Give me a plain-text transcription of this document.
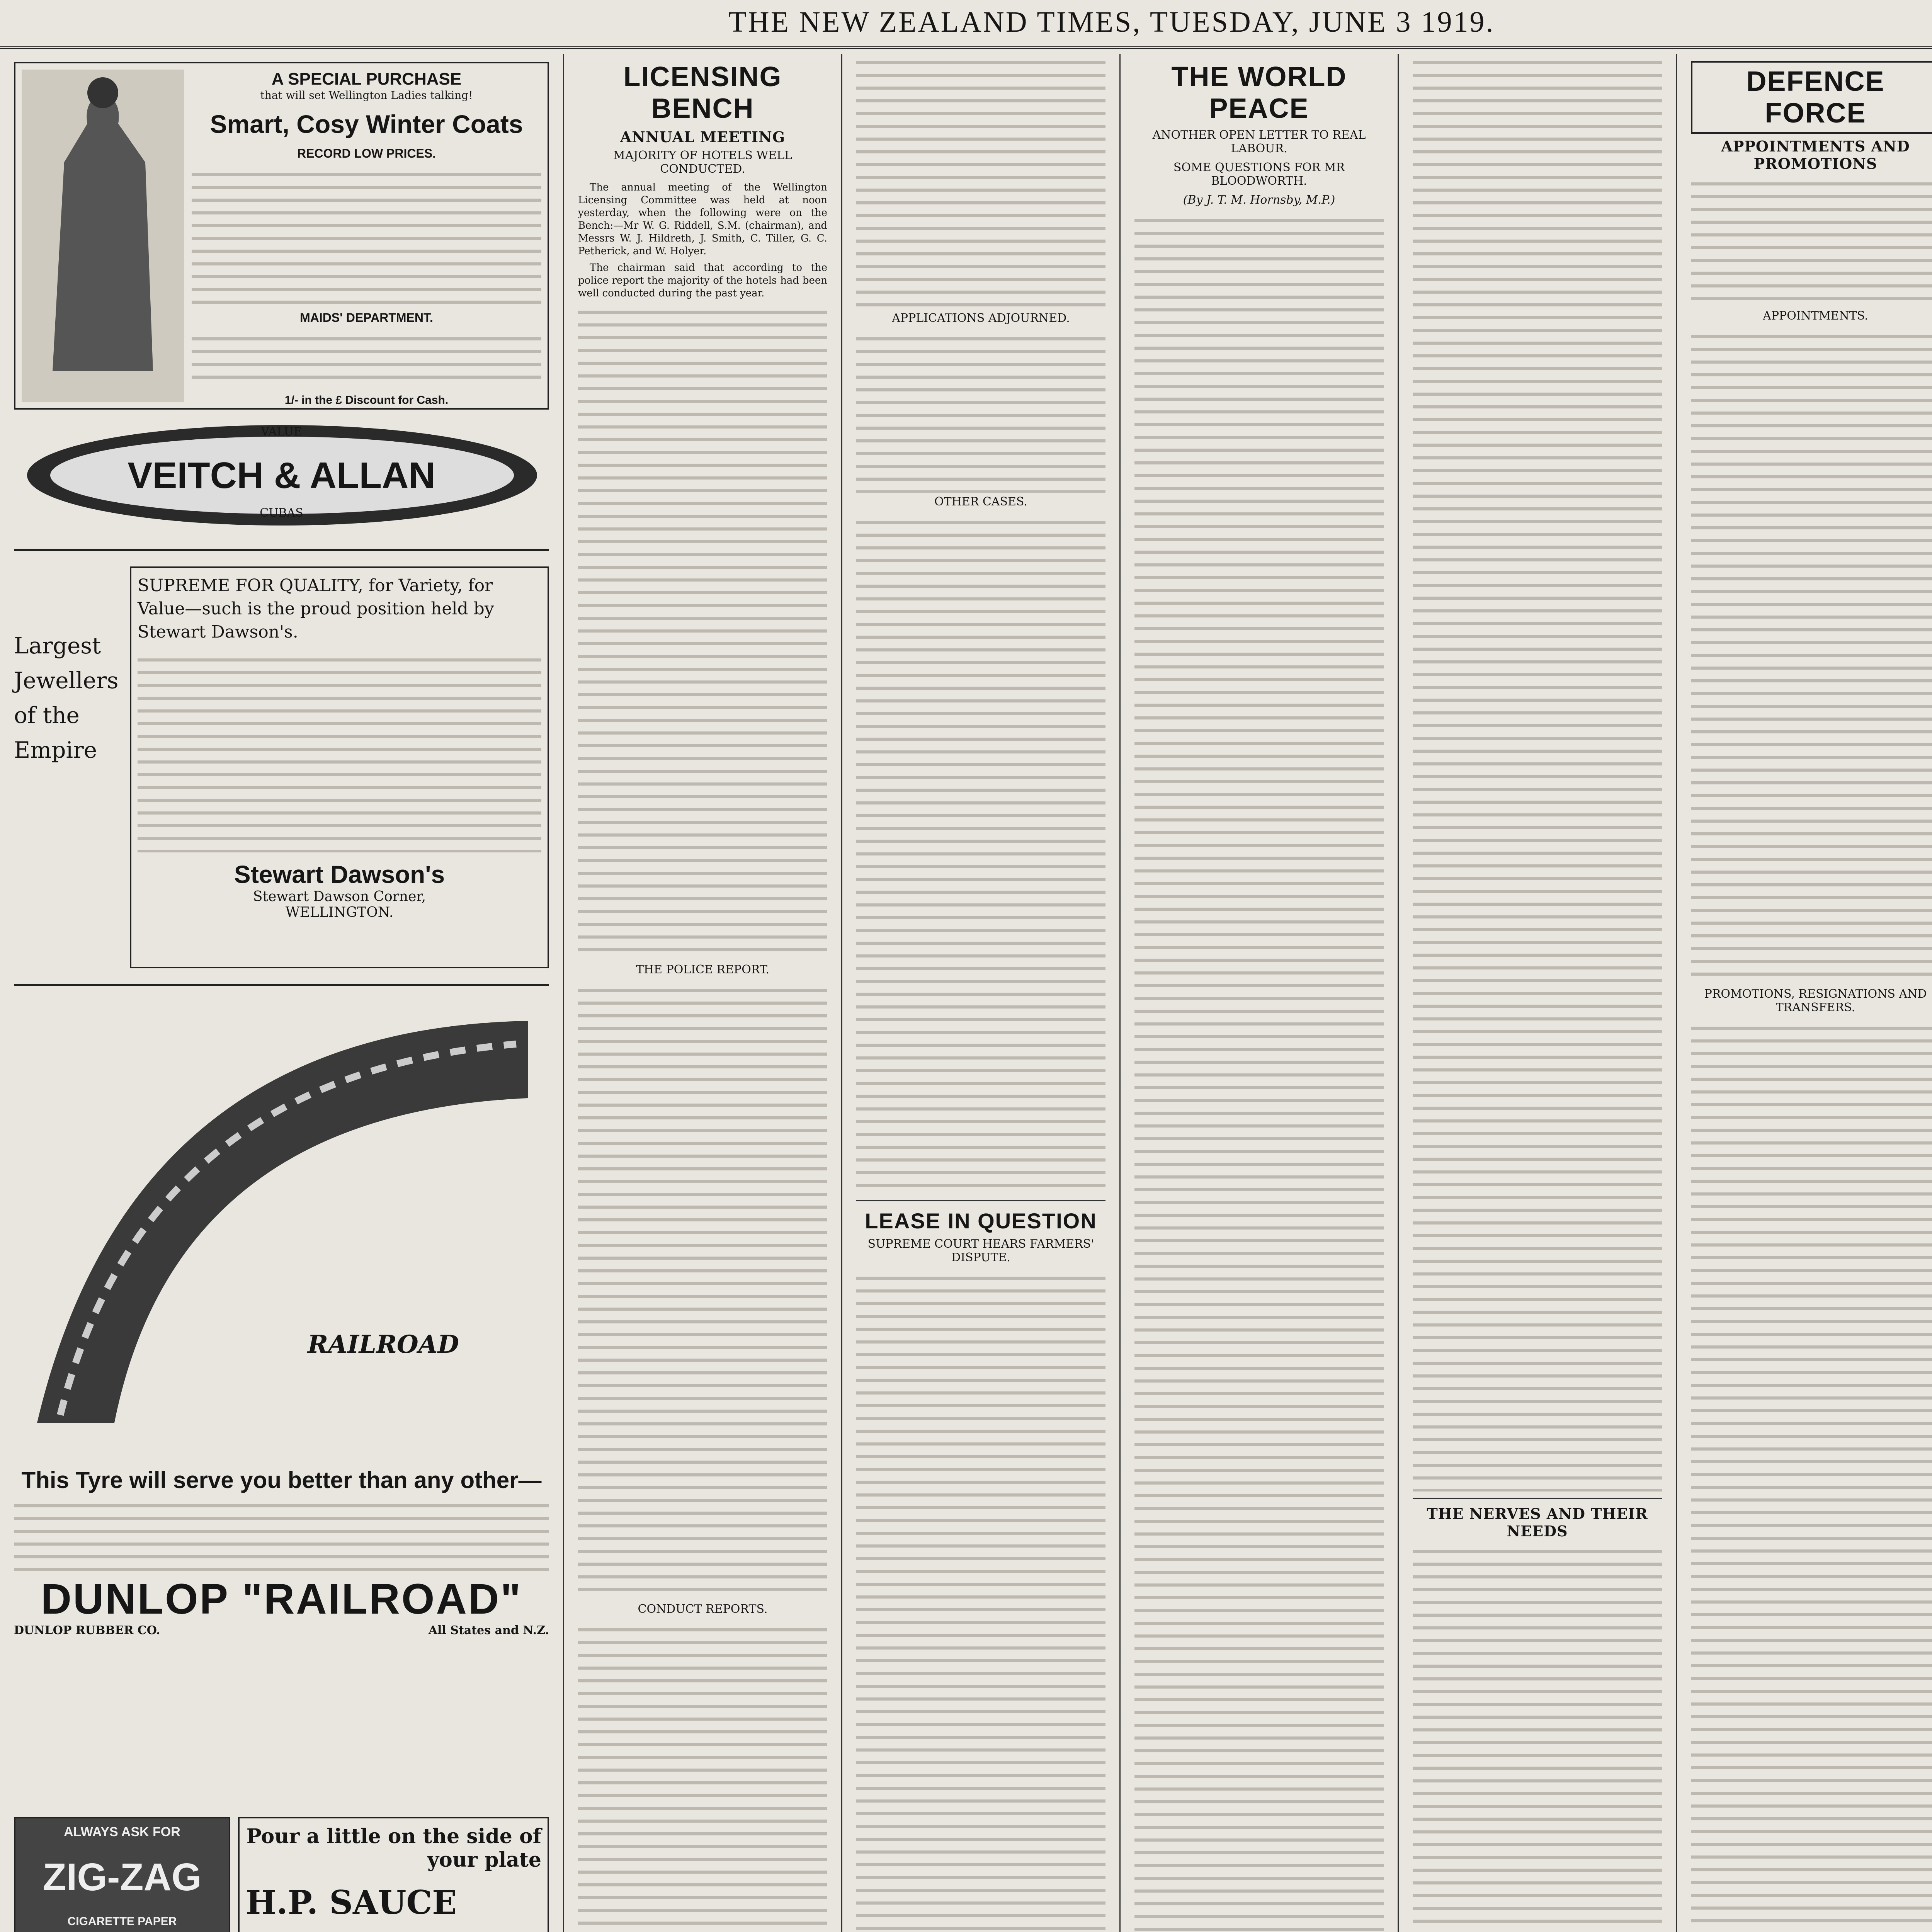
THE NEW ZEALAND TIMES, TUESDAY, JUNE 3 1919.
A SPECIAL PURCHASE
that will set Wellington Ladies talking!
Smart, Cosy Winter Coats
RECORD LOW PRICES.
MAIDS' DEPARTMENT.
1/- in the £ Discount for Cash.
VEITCH & ALLAN
VALUE
CUBAS
Largest
Jewellers
of the
Empire
SUPREME FOR QUALITY, for Variety, for Value—such is the proud position held by Stewart Dawson's.
Stewart Dawson's
Stewart Dawson Corner,
WELLINGTON.
RAILROAD
This Tyre will serve you better than any other—
DUNLOP "RAILROAD"
DUNLOP RUBBER CO.	All States and N.Z.
ALWAYS ASK FOR
ZIG-ZAG
CIGARETTE PAPER
Pour a little on the side of your plate
H.P. SAUCE
LICENSING BENCH
ANNUAL MEETING
MAJORITY OF HOTELS WELL CONDUCTED.

The annual meeting of the Wellington Licensing Committee was held at noon yesterday, when the following were on the Bench:—Mr W. G. Riddell, S.M. (chairman), and Messrs W. J. Hildreth, J. Smith, C. Tiller, G. C. Petherick, and W. Holyer.

The chairman said that according to the police report the majority of the hotels had been well conducted during the past year.

THE POLICE REPORT.
CONDUCT REPORTS.
APPLICATIONS ADJOURNED.
OTHER CASES.
LEASE IN QUESTION
SUPREME COURT HEARS FARMERS' DISPUTE.

THE WORLD PEACE
ANOTHER OPEN LETTER TO REAL LABOUR.
SOME QUESTIONS FOR MR BLOODWORTH.
(By J. T. M. Hornsby, M.P.)
THE NERVES AND THEIR NEEDS
DEFENCE FORCE
APPOINTMENTS AND PROMOTIONS
APPOINTMENTS.
PROMOTIONS, RESIGNATIONS AND TRANSFERS.
